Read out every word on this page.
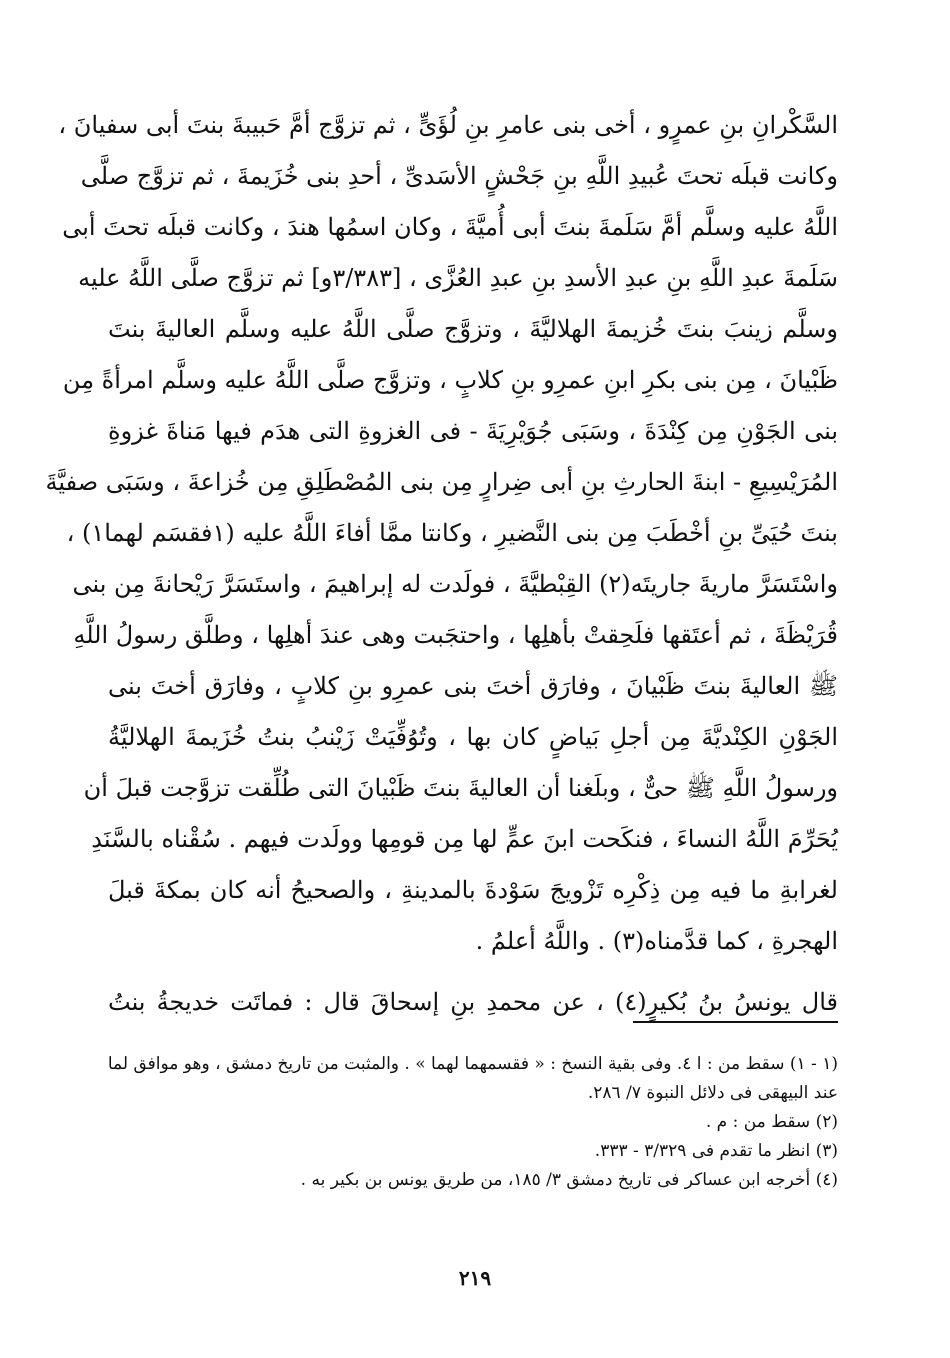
السَّكْرانِ بنِ عمرٍو ، أخى بنى عامرِ بنِ لُؤَىٍّ ، ثم تزوَّج أمَّ حَبيبةَ بنتَ أبى سفيانَ ،
وكانت قبلَه تحتَ عُبيدِ اللَّهِ بنِ جَحْشٍ الأسَدىِّ ، أحدِ بنى خُزَيمةَ ، ثم تزوَّج صلَّى
اللَّهُ عليه وسلَّم أمَّ سَلَمةَ بنتَ أبى أُميَّةَ ، وكان اسمُها هندَ ، وكانت قبلَه تحتَ أبى
سَلَمةَ عبدِ اللَّهِ بنِ عبدِ الأسدِ بنِ عبدِ العُزَّى ، [٣/٣٨٣و] ثم تزوَّج صلَّى اللَّهُ عليه
وسلَّم زينبَ بنتَ خُزيمةَ الهلاليَّةَ ، وتزوَّج صلَّى اللَّهُ عليه وسلَّم العاليةَ بنتَ
ظَبْيانَ ، مِن بنى بكرِ ابنِ عمرِو بنِ كلابٍ ، وتزوَّج صلَّى اللَّهُ عليه وسلَّم امرأةً مِن
بنى الجَوْنِ مِن كِنْدَةَ ، وسَبَى جُوَيْرِيَةَ - فى الغزوةِ التى هدَم فيها مَناةَ غزوةِ
المُرَيْسِيعِ - ابنةَ الحارثِ بنِ أبى ضِرارٍ مِن بنى المُصْطَلِقِ مِن خُزاعةَ ، وسَبَى صفيَّةَ
بنتَ حُيَىِّ بنِ أخْطَبَ مِن بنى النَّضيرِ ، وكانتا ممَّا أفاءَ اللَّهُ عليه (١فقسَم لهما١) ،
واسْتَسَرَّ ماريةَ جاريتَه(٢) القِبْطيَّةَ ، فولَدت له إبراهيمَ ، واستَسَرَّ رَيْحانةَ مِن بنى
قُرَيْظَةَ ، ثم أعتَقها فلَحِقتْ بأهلِها ، واحتجَبت وهى عندَ أهلِها ، وطلَّق رسولُ اللَّهِ
ﷺ العاليةَ بنتَ ظَبْيانَ ، وفارَق أختَ بنى عمرِو بنِ كلابٍ ، وفارَق أختَ بنى
الجَوْنِ الكِنْديَّةَ مِن أجلِ بَياضٍ كان بها ، وتُوُفِّيَتْ زَيْنبُ بنتُ خُزَيمةَ الهلاليَّةُ
ورسولُ اللَّهِ ﷺ حىٌّ ، وبلَغنا أن العاليةَ بنتَ ظَبْيانَ التى طُلِّقت تزوَّجت قبلَ أن
يُحَرِّمَ اللَّهُ النساءَ ، فنكَحت ابنَ عمٍّ لها مِن قومِها وولَدت فيهم . سُقْناه بالسَّنَدِ
لغرابةِ ما فيه مِن ذِكْرِه تَزْويجَ سَوْدةَ بالمدينةِ ، والصحيحُ أنه كان بمكةَ قبلَ
الهجرةِ ، كما قدَّمناه(٣) . واللَّهُ أعلمُ .
قال يونسُ بنُ بُكيرٍ(٤) ، عن محمدِ بنِ إسحاقَ قال : فماتَت خديجةُ بنتُ
(١ - ١) سقط من : ا ٤. وفى بقية النسخ : « فقسمهما لهما » . والمثبت من تاريخ دمشق ، وهو موافق لما
عند البيهقى فى دلائل النبوة ٧/ ٢٨٦.
(٢) سقط من : م .
(٣) انظر ما تقدم فى ٣/٣٢٩ - ٣٣٣.
(٤) أخرجه ابن عساكر فى تاريخ دمشق ٣/ ١٨٥، من طريق يونس بن بكير به .
٢١٩
